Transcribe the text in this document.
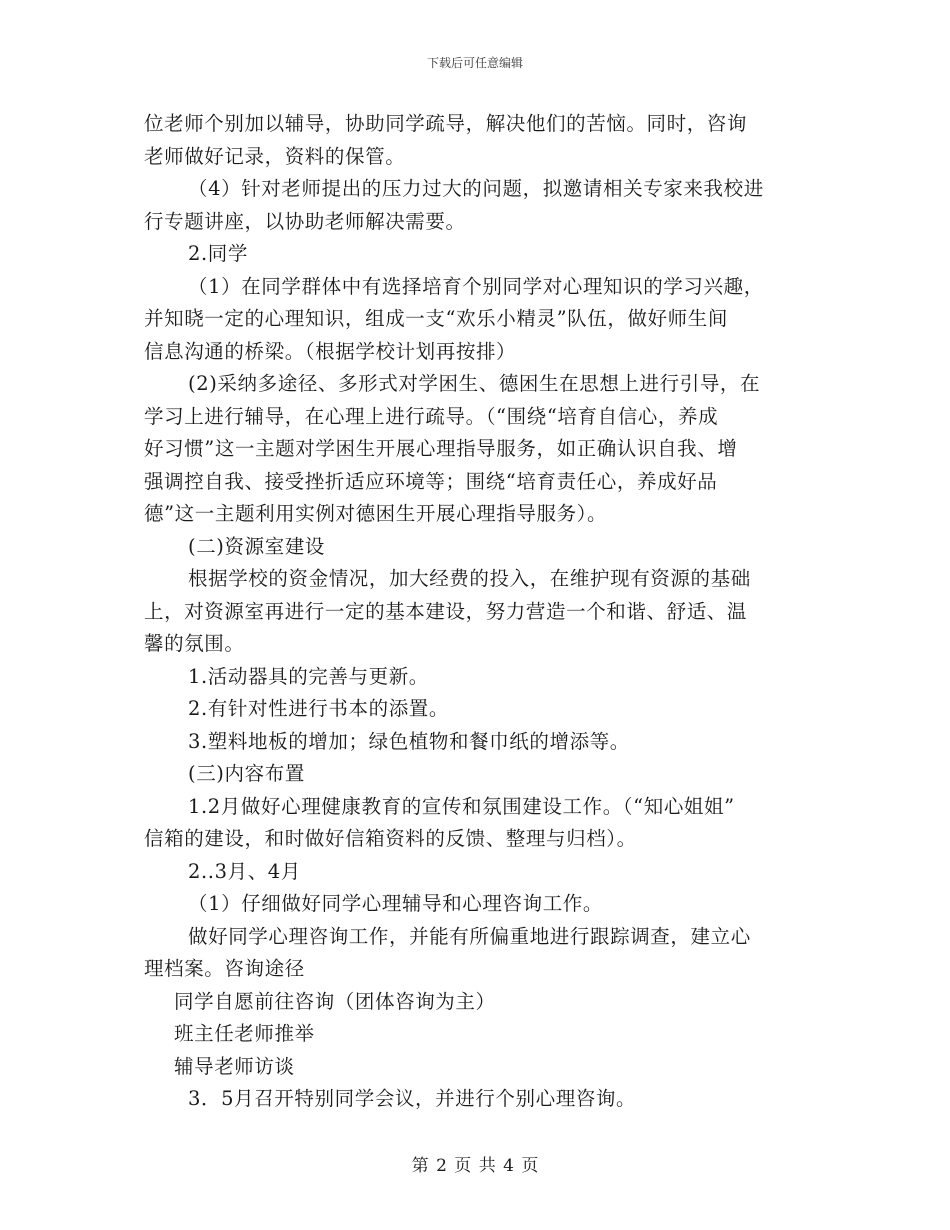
下载后可任意编辑
位老师个别加以辅导，协助同学疏导，解决他们的苦恼。同时，咨询
老师做好记录，资料的保管。
（4）针对老师提出的压力过大的问题，拟邀请相关专家来我校进
行专题讲座，以协助老师解决需要。
2.同学
（1）在同学群体中有选择培育个别同学对心理知识的学习兴趣，
并知晓一定的心理知识，组成一支“欢乐小精灵”队伍，做好师生间
信息沟通的桥梁。（根据学校计划再按排）
(2)采纳多途径、多形式对学困生、德困生在思想上进行引导，在
学习上进行辅导，在心理上进行疏导。（“围绕“培育自信心，养成
好习惯”这一主题对学困生开展心理指导服务，如正确认识自我、增
强调控自我、接受挫折适应环境等；围绕“培育责任心，养成好品
德”这一主题利用实例对德困生开展心理指导服务）。
(二)资源室建设
根据学校的资金情况，加大经费的投入，在维护现有资源的基础
上，对资源室再进行一定的基本建设，努力营造一个和谐、舒适、温
馨的氛围。
1.活动器具的完善与更新。
2.有针对性进行书本的添置。
3.塑料地板的增加；绿色植物和餐巾纸的增添等。
(三)内容布置
1.2月做好心理健康教育的宣传和氛围建设工作。（“知心姐姐”
信箱的建设，和时做好信箱资料的反馈、整理与归档）。
2..3月、4月
（1）仔细做好同学心理辅导和心理咨询工作。
做好同学心理咨询工作，并能有所偏重地进行跟踪调查，建立心
理档案。咨询途径
同学自愿前往咨询（团体咨询为主）
班主任老师推举
辅导老师访谈
3．5月召开特别同学会议，并进行个别心理咨询。
第 2 页 共 4 页
